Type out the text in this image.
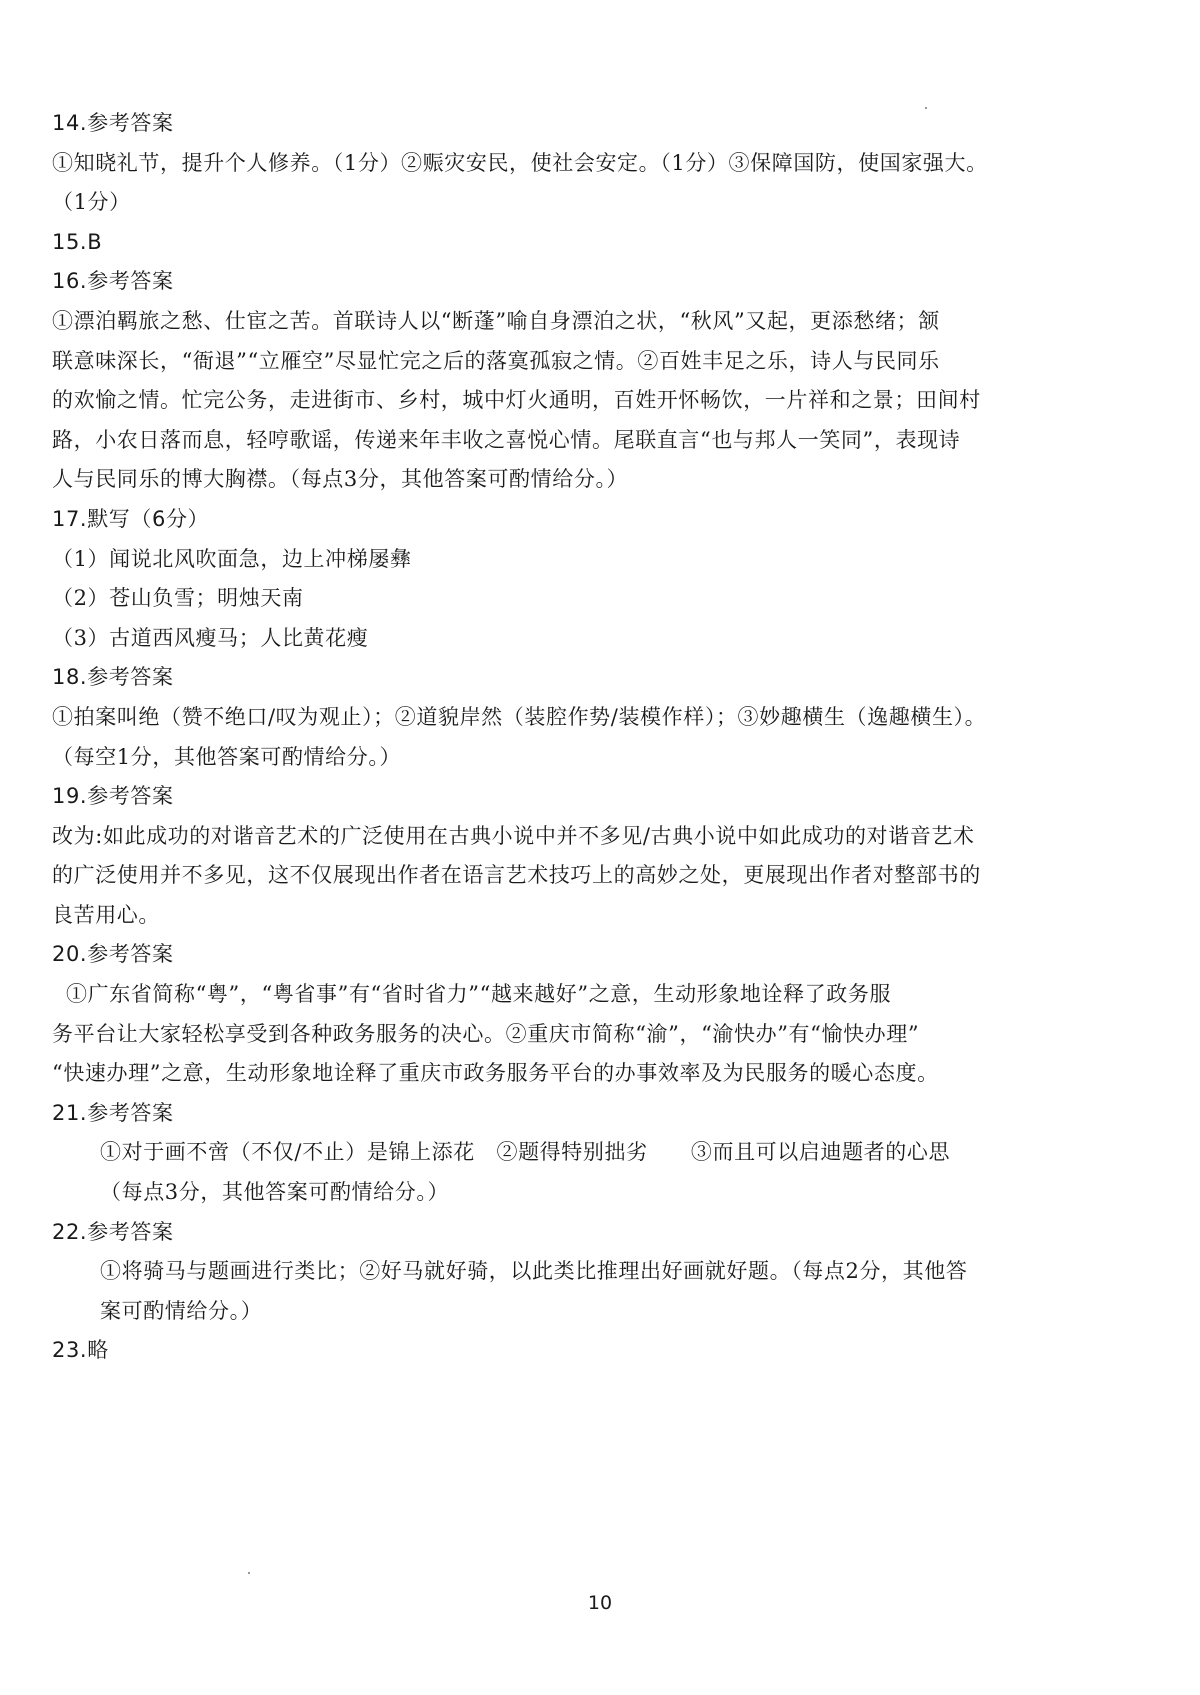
14.参考答案
①知晓礼节，提升个人修养。（1分）②赈灾安民，使社会安定。（1分）③保障国防，使国家强大。
（1分）
15.B
16.参考答案
①漂泊羁旅之愁、仕宦之苦。首联诗人以“断蓬”喻自身漂泊之状，“秋风”又起，更添愁绪；颔
联意味深长，“衙退”“立雁空”尽显忙完之后的落寞孤寂之情。②百姓丰足之乐，诗人与民同乐
的欢愉之情。忙完公务，走进街市、乡村，城中灯火通明，百姓开怀畅饮，一片祥和之景；田间村
路，小农日落而息，轻哼歌谣，传递来年丰收之喜悦心情。尾联直言“也与邦人一笑同”，表现诗
人与民同乐的博大胸襟。（每点3分，其他答案可酌情给分。）
17.默写（6分）
（1）闻说北风吹面急，边上冲梯屡彝
（2）苍山负雪；明烛天南
（3）古道西风瘦马；人比黄花瘦
18.参考答案
①拍案叫绝（赞不绝口/叹为观止）；②道貌岸然（装腔作势/装模作样）；③妙趣横生（逸趣横生）。
（每空1分，其他答案可酌情给分。）
19.参考答案
改为:如此成功的对谐音艺术的广泛使用在古典小说中并不多见/古典小说中如此成功的对谐音艺术
的广泛使用并不多见，这不仅展现出作者在语言艺术技巧上的高妙之处，更展现出作者对整部书的
良苦用心。
20.参考答案
①广东省简称“粤”，“粤省事”有“省时省力”“越来越好”之意，生动形象地诠释了政务服
务平台让大家轻松享受到各种政务服务的决心。②重庆市简称“渝”，“渝快办”有“愉快办理”
“快速办理”之意，生动形象地诠释了重庆市政务服务平台的办事效率及为民服务的暖心态度。
21.参考答案
①对于画不啻（不仅/不止）是锦上添花　②题得特别拙劣　　③而且可以启迪题者的心思
（每点3分，其他答案可酌情给分。）
22.参考答案
①将骑马与题画进行类比；②好马就好骑，以此类比推理出好画就好题。（每点2分，其他答
案可酌情给分。）
23.略
10
